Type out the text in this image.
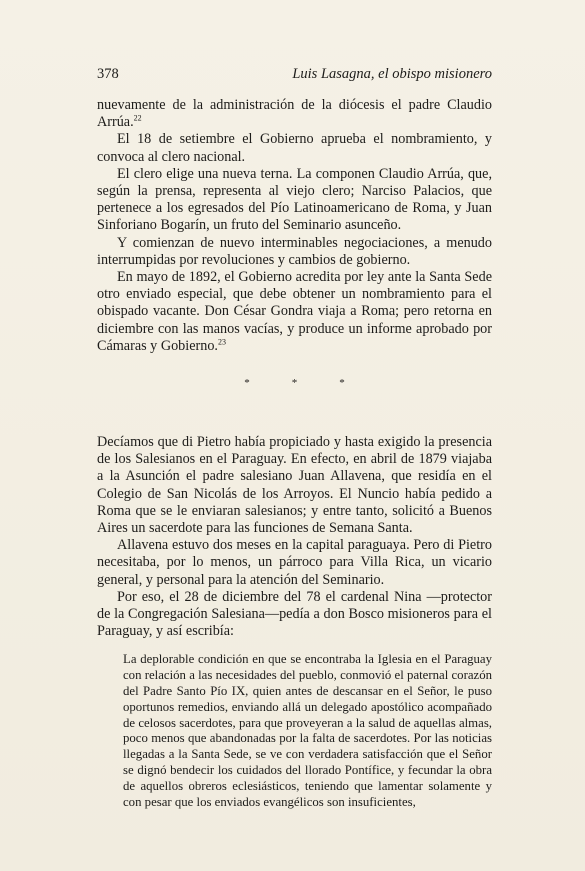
378	Luis Lasagna, el obispo misionero

nuevamente de la administración de la diócesis el padre Claudio Arrúa.$^{22}$

El 18 de setiembre el Gobierno aprueba el nombramiento, y convoca al clero nacional.

El clero elige una nueva terna. La componen Claudio Arrúa, que, según la prensa, representa al viejo clero; Narciso Palacios, que pertenece a los egresados del Pío Latinoamericano de Roma, y Juan Sinforiano Bogarín, un fruto del Seminario asunceño.

Y comienzan de nuevo interminables negociaciones, a menudo interrumpidas por revoluciones y cambios de gobierno.

En mayo de 1892, el Gobierno acredita por ley ante la Santa Sede otro enviado especial, que debe obtener un nombramiento para el obispado vacante. Don César Gondra viaja a Roma; pero retorna en diciembre con las manos vacías, y produce un informe aprobado por Cámaras y Gobierno.$^{23}$

*	*	*

Decíamos que di Pietro había propiciado y hasta exigido la presencia de los Salesianos en el Paraguay. En efecto, en abril de 1879 viajaba a la Asunción el padre salesiano Juan Allavena, que residía en el Colegio de San Nicolás de los Arroyos. El Nuncio había pedido a Roma que se le enviaran salesianos; y entre tanto, solicitó a Buenos Aires un sacerdote para las funciones de Semana Santa.

Allavena estuvo dos meses en la capital paraguaya. Pero di Pietro necesitaba, por lo menos, un párroco para Villa Rica, un vicario general, y personal para la atención del Seminario.

Por eso, el 28 de diciembre del 78 el cardenal Nina —protector de la Congregación Salesiana—pedía a don Bosco misioneros para el Paraguay, y así escribía:

La deplorable condición en que se encontraba la Iglesia en el Paraguay con relación a las necesidades del pueblo, conmovió el paternal corazón del Padre Santo Pío IX, quien antes de descansar en el Señor, le puso oportunos remedios, enviando allá un delegado apostólico acompañado de celosos sacerdotes, para que proveyeran a la salud de aquellas almas, poco menos que abandonadas por la falta de sacerdotes. Por las noticias llegadas a la Santa Sede, se ve con verdadera satisfacción que el Señor se dignó bendecir los cuidados del llorado Pontífice, y fecundar la obra de aquellos obreros eclesiásticos, teniendo que lamentar solamente y con pesar que los enviados evangélicos son insuficientes,
